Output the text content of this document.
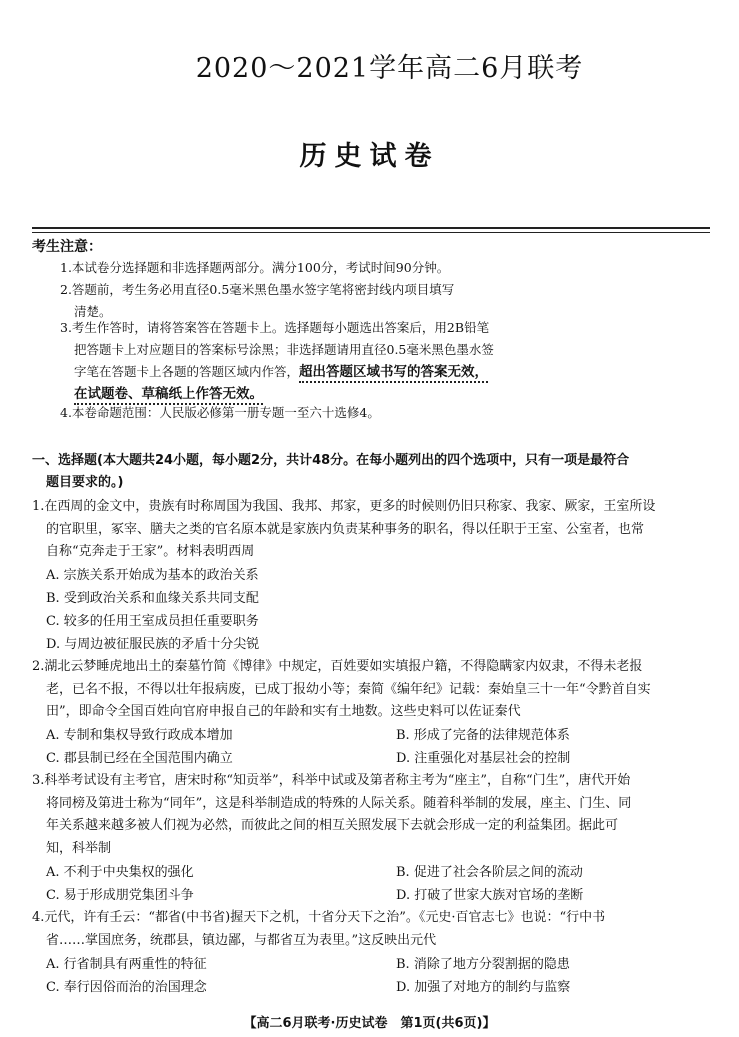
2020～2021学年高二6月联考
历史试卷
考生注意：
1.本试卷分选择题和非选择题两部分。满分100分，考试时间90分钟。
2.答题前，考生务必用直径0.5毫米黑色墨水签字笔将密封线内项目填写
清楚。
3.考生作答时，请将答案答在答题卡上。选择题每小题选出答案后，用2B铅笔
把答题卡上对应题目的答案标号涂黑；非选择题请用直径0.5毫米黑色墨水签
字笔在答题卡上各题的答题区域内作答，超出答题区域书写的答案无效，
在试题卷、草稿纸上作答无效。
4.本卷命题范围：人民版必修第一册专题一至六十选修4。
一、选择题(本大题共24小题，每小题2分，共计48分。在每小题列出的四个选项中，只有一项是最符合
题目要求的。)
1.在西周的金文中，贵族有时称周国为我国、我邦、邦家，更多的时候则仍旧只称家、我家、厥家，王室所设
的官职里，冢宰、膳夫之类的官名原本就是家族内负责某种事务的职名，得以任职于王室、公室者，也常
自称“克奔走于王家”。材料表明西周
A. 宗族关系开始成为基本的政治关系
B. 受到政治关系和血缘关系共同支配
C. 较多的任用王室成员担任重要职务
D. 与周边被征服民族的矛盾十分尖锐
2.湖北云梦睡虎地出土的秦墓竹简《博律》中规定，百姓要如实填报户籍，不得隐瞒家内奴隶，不得未老报
老，已名不报，不得以壮年报病废，已成丁报幼小等；秦简《编年纪》记载：秦始皇三十一年“令黔首自实
田”，即命令全国百姓向官府申报自己的年龄和实有土地数。这些史料可以佐证秦代
A. 专制和集权导致行政成本增加	B. 形成了完备的法律规范体系
C. 郡县制已经在全国范围内确立	D. 注重强化对基层社会的控制
3.科举考试设有主考官，唐宋时称“知贡举”，科举中试或及第者称主考为“座主”，自称“门生”，唐代开始
将同榜及第进士称为“同年”，这是科举制造成的特殊的人际关系。随着科举制的发展，座主、门生、同
年关系越来越多被人们视为必然，而彼此之间的相互关照发展下去就会形成一定的利益集团。据此可
知，科举制
A. 不利于中央集权的强化	B. 促进了社会各阶层之间的流动
C. 易于形成朋党集团斗争	D. 打破了世家大族对官场的垄断
4.元代，许有壬云：“都省(中书省)握天下之机，十省分天下之治”。《元史·百官志七》也说：“行中书
省……掌国庶务，统郡县，镇边鄙，与都省互为表里。”这反映出元代
A. 行省制具有两重性的特征	B. 消除了地方分裂割据的隐患
C. 奉行因俗而治的治国理念	D. 加强了对地方的制约与监察
【高二6月联考·历史试卷　第1页(共6页)】
